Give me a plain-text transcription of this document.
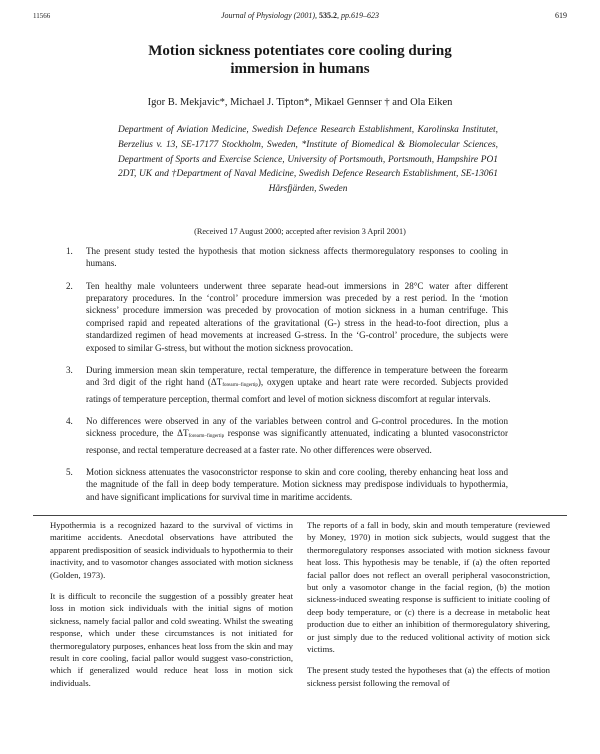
11566	Journal of Physiology (2001), 535.2, pp.619–623	619
Motion sickness potentiates core cooling during
immersion in humans
Igor B. Mekjavic*, Michael J. Tipton*, Mikael Gennser † and Ola Eiken
Department of Aviation Medicine, Swedish Defence Research Establishment, Karolinska Institutet, Berzelius v. 13, SE-17177 Stockholm, Sweden, *Institute of Biomedical & Biomolecular Sciences, Department of Sports and Exercise Science, University of Portsmouth, Portsmouth, Hampshire PO1 2DT, UK and †Department of Naval Medicine, Swedish Defence Research Establishment, SE-13061 Hårsfjärden, Sweden
(Received 17 August 2000; accepted after revision 3 April 2001)
1. The present study tested the hypothesis that motion sickness affects thermoregulatory responses to cooling in humans.
2. Ten healthy male volunteers underwent three separate head-out immersions in 28°C water after different preparatory procedures. In the ‘control’ procedure immersion was preceded by a rest period. In the ‘motion sickness’ procedure immersion was preceded by provocation of motion sickness in a human centrifuge. This comprised rapid and repeated alterations of the gravitational (G-) stress in the head-to-foot direction, plus a standardized regimen of head movements at increased G-stress. In the ‘G-control’ procedure, the subjects were exposed to similar G-stress, but without the motion sickness provocation.
3. During immersion mean skin temperature, rectal temperature, the difference in temperature between the forearm and 3rd digit of the right hand $(\Delta T_{forearm-fingertip})$, oxygen uptake and heart rate were recorded. Subjects provided ratings of temperature perception, thermal comfort and level of motion sickness discomfort at regular intervals.
4. No differences were observed in any of the variables between control and G-control procedures. In the motion sickness procedure, the $\Delta T_{forearm-fingertip}$ response was significantly attenuated, indicating a blunted vasoconstrictor response, and rectal temperature decreased at a faster rate. No other differences were observed.
5. Motion sickness attenuates the vasoconstrictor response to skin and core cooling, thereby enhancing heat loss and the magnitude of the fall in deep body temperature. Motion sickness may predispose individuals to hypothermia, and have significant implications for survival time in maritime accidents.

Hypothermia is a recognized hazard to the survival of victims in maritime accidents. Anecdotal observations have attributed the apparent predisposition of seasick individuals to hypothermia to their inactivity, and to vasomotor changes associated with motion sickness (Golden, 1973).

It is difficult to reconcile the suggestion of a possibly greater heat loss in motion sick individuals with the initial signs of motion sickness, namely facial pallor and cold sweating. Whilst the sweating response, which under these circumstances is not initiated for thermoregulatory purposes, enhances heat loss from the skin and may result in core cooling, facial pallor would suggest vaso-constriction, which if generalized would reduce heat loss in motion sick individuals.

The reports of a fall in body, skin and mouth temperature (reviewed by Money, 1970) in motion sick subjects, would suggest that the thermoregulatory responses associated with motion sickness favour heat loss. This hypothesis may be tenable, if (a) the often reported facial pallor does not reflect an overall peripheral vasoconstriction, but only a vasomotor change in the facial region, (b) the motion sickness-induced sweating response is sufficient to initiate cooling of deep body temperature, or (c) there is a decrease in metabolic heat production due to either an inhibition of thermoregulatory shivering, or just simply due to the reduced volitional activity of motion sick victims.

The present study tested the hypotheses that (a) the effects of motion sickness persist following the removal of
